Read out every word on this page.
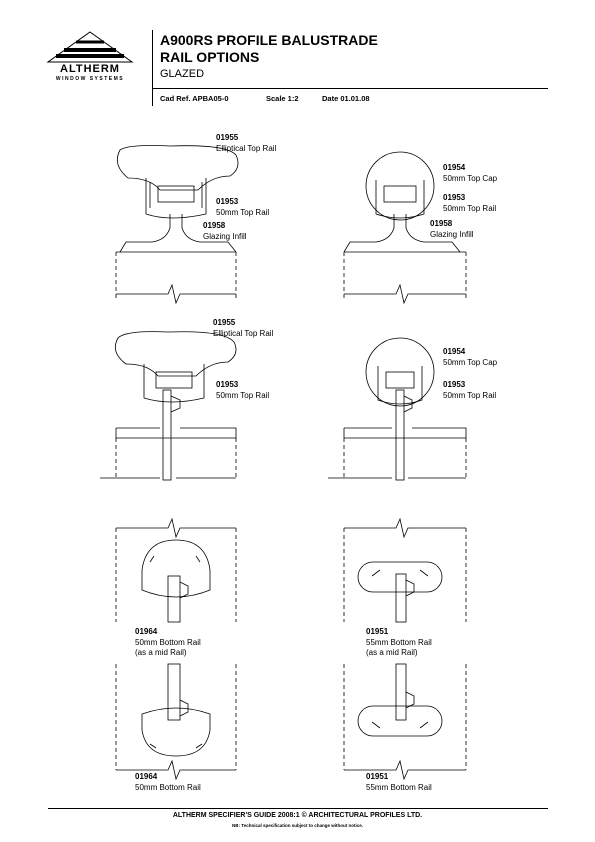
ALTHERM
WINDOW SYSTEMS
A900RS PROFILE BALUSTRADE
RAIL OPTIONS
GLAZED
Cad Ref. APBA05-0	Scale 1:2	Date 01.01.08
01955
Elliptical Top Rail
01953
50mm Top Rail
01958
Glazing Infill
01954
50mm Top Cap
01953
50mm Top Rail
01958
Glazing Infill
01955
Elliptical Top Rail
01953
50mm Top Rail
01954
50mm Top Cap
01953
50mm Top Rail
01964
50mm Bottom Rail
(as a mid Rail)
01951
55mm Bottom Rail
(as a mid Rail)
01964
50mm Bottom Rail
01951
55mm Bottom Rail
ALTHERM SPECIFIER'S GUIDE 2008:1 © ARCHITECTURAL PROFILES LTD.
NB: Technical specification subject to change without notice.
